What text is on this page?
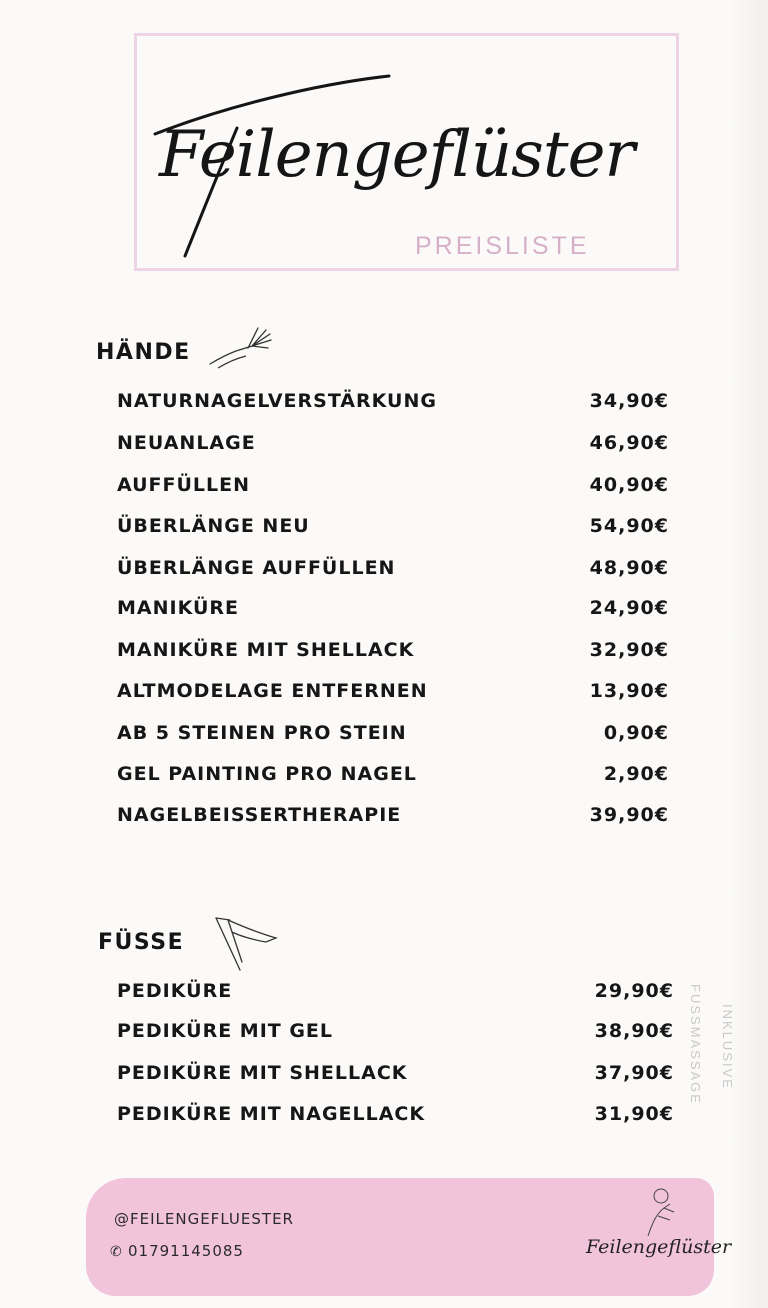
Feilengeflüster
PREISLISTE
HÄNDE
NATURNAGELVERSTÄRKUNG	34,90€
NEUANLAGE	46,90€
AUFFÜLLEN	40,90€
ÜBERLÄNGE NEU	54,90€
ÜBERLÄNGE AUFFÜLLEN	48,90€
MANIKÜRE	24,90€
MANIKÜRE MIT SHELLACK	32,90€
ALTMODELAGE ENTFERNEN	13,90€
AB 5 STEINEN PRO STEIN	0,90€
GEL PAINTING PRO NAGEL	2,90€
NAGELBEISSERTHERAPIE	39,90€
FÜSSE
PEDIKÜRE	29,90€
PEDIKÜRE MIT GEL	38,90€
PEDIKÜRE MIT SHELLACK	37,90€
PEDIKÜRE MIT NAGELLACK	31,90€
INKLUSIVE
FUSSMASSAGE
@FEILENGEFLUESTER
✆ 01791145085	Feilengeflüster
